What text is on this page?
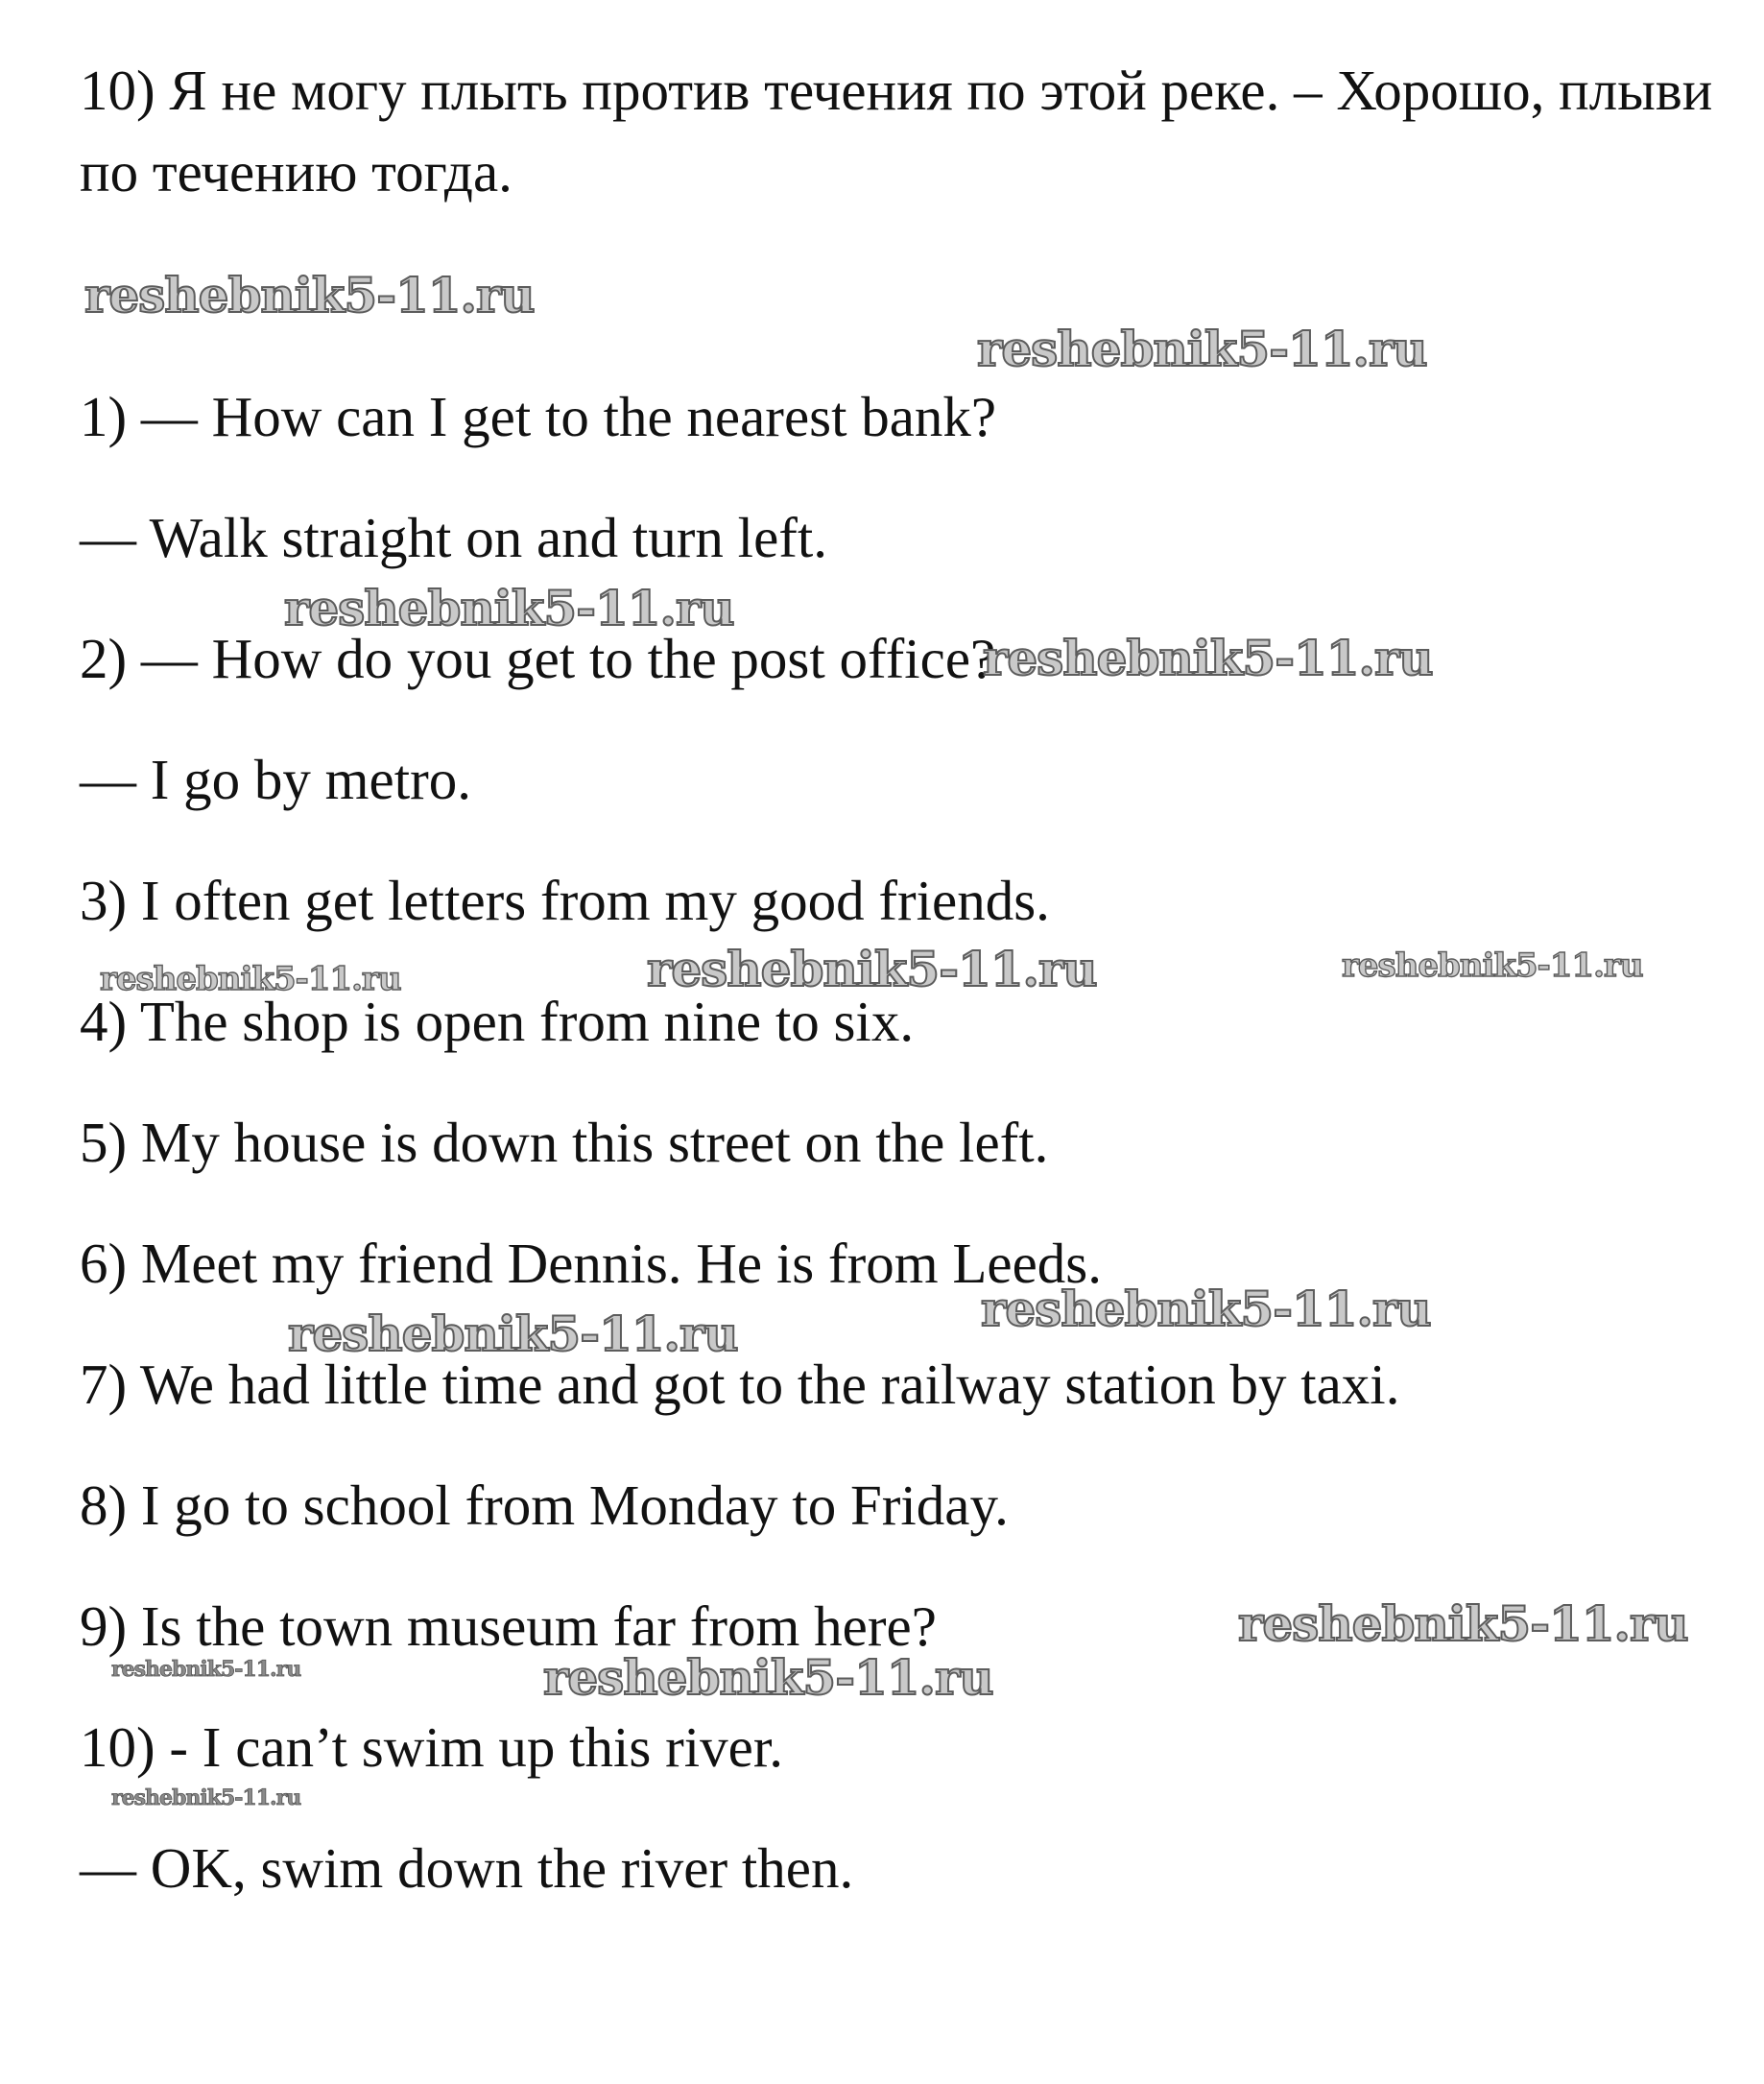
10) Я не могу плыть против течения по этой реке. – Хорошо, плыви
по течению тогда.
reshebnik5-11.ru
reshebnik5-11.ru
1) — How can I get to the nearest bank?
— Walk straight on and turn left.
reshebnik5-11.ru
2) — How do you get to the post office?
reshebnik5-11.ru
— I go by metro.
3) I often get letters from my good friends.
reshebnik5-11.ru	reshebnik5-11.ru	reshebnik5-11.ru
4) The shop is open from nine to six.
5) My house is down this street on the left.
6) Meet my friend Dennis. He is from Leeds.
reshebnik5-11.ru
reshebnik5-11.ru
7) We had little time and got to the railway station by taxi.
8) I go to school from Monday to Friday.
9) Is the town museum far from here?	reshebnik5-11.ru
reshebnik5-11.ru	reshebnik5-11.ru
10) - I can’t swim up this river.
reshebnik5-11.ru
— OK, swim down the river then.
